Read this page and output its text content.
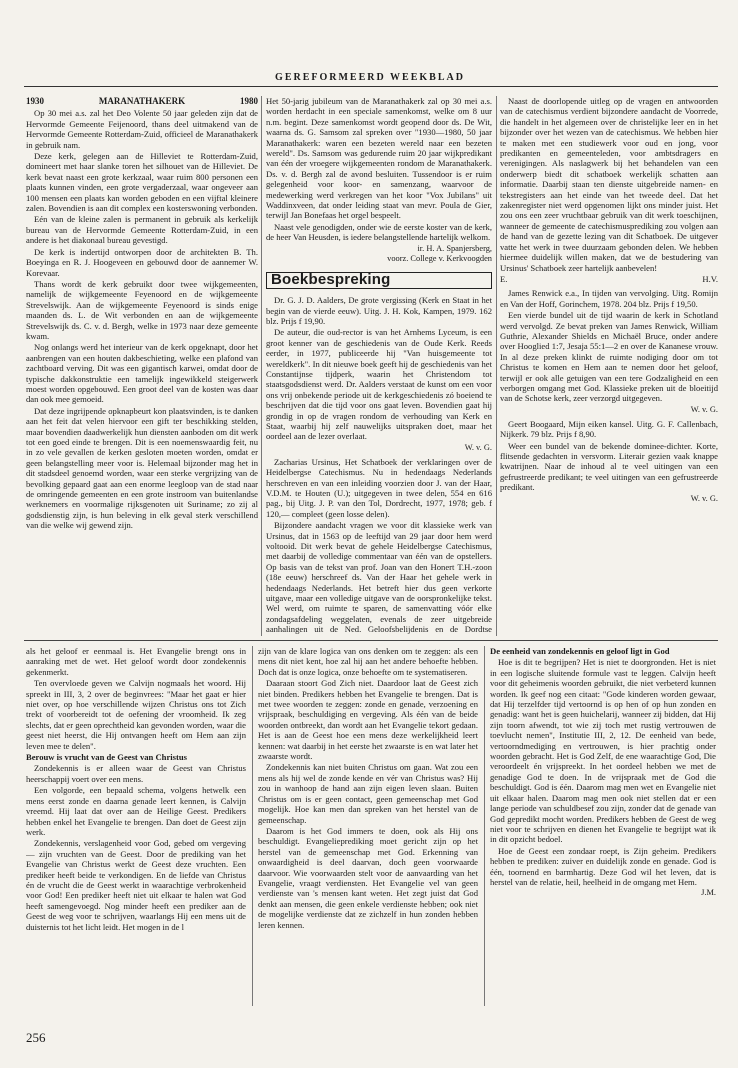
GEREFORMEERD WEEKBLAD
1930	MARANATHAKERK	1980

Op 30 mei a.s. zal het Deo Volente 50 jaar geleden zijn dat de Hervormde Gemeente Feijenoord, thans deel uitmakend van de Hervormde Gemeente Rotterdam-Zuid, officieel de Maranathakerk in gebruik nam.

Deze kerk, gelegen aan de Hilleviet te Rotterdam-Zuid, domineert met haar slanke toren het silhouet van de Hilleviet. De kerk bevat naast een grote kerkzaal, waar ruim 800 personen een plaats kunnen vinden, een grote vergaderzaal, waar ongeveer aan 100 mensen een plaats kan worden geboden en een vijftal kleinere zalen. Bovendien is aan dit complex een kosterswoning verbonden.

Eén van de kleine zalen is permanent in gebruik als kerkelijk bureau van de Hervormde Gemeente Rotterdam-Zuid, in een andere is het diakonaal bureau gevestigd.

De kerk is indertijd ontworpen door de architekten B. Th. Boeyinga en R. J. Hoogeveen en gebouwd door de aannemer W. Korevaar.

Thans wordt de kerk gebruikt door twee wijkgemeenten, namelijk de wijkgemeente Feyenoord en de wijkgemeente Strevelswijk. Aan de wijkgemeente Feyenoord is sinds enige maanden ds. L. de Wit verbonden en aan de wijkgemeente Strevelswijk ds. C. v. d. Bergh, welke in 1973 naar deze gemeente kwam.

Nog onlangs werd het interieur van de kerk opgeknapt, door het aanbrengen van een houten dakbeschieting, welke een plafond van zachtboard verving. Dit was een gigantisch karwei, omdat door de typische dakkonstruktie een tamelijk ingewikkeld steigerwerk moest worden opgebouwd. Een groot deel van de kosten was daar dan ook mee gemoeid.

Dat deze ingrijpende opknapbeurt kon plaatsvinden, is te danken aan het feit dat velen hiervoor een gift ter beschikking stelden, maar bovendien daadwerkelijk hun diensten aanboden om dit werk tot een goed einde te brengen. Dit is een noemenswaardig feit, nu in zo vele gevallen de kerken gesloten moeten worden, omdat er geen belangstelling meer voor is. Helemaal bijzonder mag het in dit stadsdeel genoemd worden, waar een sterke vergrijzing van de bevolking gepaard gaat aan een enorme leegloop van de stad naar de omringende gemeenten en een grote instroom van buitenlandse werknemers en voormalige rijksgenoten uit Suriname; zo zij al godsdienstig zijn, is hun beleving in elk geval sterk verschillend van die welke wij gewend zijn.

Het 50-jarig jubileum van de Maranathakerk zal op 30 mei a.s. worden herdacht in een speciale samenkomst, welke om 8 uur n.m. begint. Deze samenkomst wordt geopend door ds. De Wit, waarna ds. G. Samsom zal spreken over "1930—1980, 50 jaar Maranathakerk: waren een bezeten wereld naar een bezeten wereld". Ds. Samsom was gedurende ruim 20 jaar wijkpredikant van één der vroegere wijkgemeenten rondom de Maranathakerk. Ds. v. d. Bergh zal de avond besluiten. Tussendoor is er ruim gelegenheid voor koor- en samenzang, waarvoor de medewerking werd verkregen van het koor "Vox Jubilans" uit Waddinxveen, dat onder leiding staat van mevr. Poula de Gier, terwijl Jan Bonefaas het orgel bespeelt.

Naast vele genodigden, onder wie de eerste koster van de kerk, de heer Van Heusden, is iedere belangstellende hartelijk welkom.

ir. H. A. Spanjersberg,
voorz. College v. Kerkvoogden
Boekbespreking

Dr. G. J. D. Aalders, De grote vergissing (Kerk en Staat in het begin van de vierde eeuw). Uitg. J. H. Kok, Kampen, 1979. 162 blz. Prijs f 19,90.

De auteur, die oud-rector is van het Arnhems Lyceum, is een groot kenner van de geschiedenis van de Oude Kerk. Reeds eerder, in 1977, publiceerde hij "Van huisgemeente tot wereldkerk". In dit nieuwe boek geeft hij de geschiedenis van het Constantijnse tijdperk, waarin het Christendom tot staatsgodsdienst werd. Dr. Aalders verstaat de kunst om een voor ons vrij onbekende periode uit de kerkgeschiedenis zó boeiend te beschrijven dat die tijd voor ons gaat leven. Bovendien gaat hij grondig in op de vragen rondom de verhouding van Kerk en Staat, waarbij hij zelf nauwelijks uitspraken doet, maar het oordeel aan de lezer overlaat.

W. v. G.

Zacharias Ursinus, Het Schatboek der verklaringen over de Heidelbergse Catechismus. Nu in hedendaags Nederlands herschreven en van een inleiding voorzien door J. van der Haar, V.D.M. te Houten (U.); uitgegeven in twee delen, 554 en 616 pag., bij Uitg. J. P. van den Tol, Dordrecht, 1977, 1978; geb. f 120,— compleet (geen losse delen).

Bijzondere aandacht vragen we voor dit klassieke werk van Ursinus, dat in 1563 op de leeftijd van 29 jaar door hem werd voltooid. Dit werk bevat de gehele Heidelbergse Catechismus, met daarbij de volledige commentaar van één van de opstellers. Op basis van de tekst van prof. Joan van den Honert T.H.-zoon (18e eeuw) herschreef ds. Van der Haar het gehele werk in hedendaags Nederlands. Het betreft hier dus geen verkorte uitgave, maar een volledige uitgave van de oorspronkelijke tekst. Wel werd, om ruimte te sparen, de samenvatting vóór elke zondagsafdeling weggelaten, evenals de zeer uitgebreide aanhalingen uit de Ned. Geloofsbelijdenis en de Dordtse

Naast de doorlopende uitleg op de vragen en antwoorden van de catechismus verdient bijzondere aandacht de Voorrede, die handelt in het algemeen over de christelijke leer en in het bijzonder over het wezen van de catechismus. We hebben hier te maken met een studiewerk voor oud en jong, voor predikanten en gemeenteleden, voor ambtsdragers en verenigingen. Als naslagwerk bij het behandelen van een onderwerp biedt dit schatboek werkelijk schatten aan informatie. Daarbij staan ten dienste uitgebreide namen- en tekstregisters aan het einde van het tweede deel. Dat het zakenregister niet werd opgenomen lijkt ons minder juist. Het zou ons een zeer vruchtbaar gebruik van dit werk toeschijnen, wanneer de gemeente de catechismusprediking zou volgen aan de hand van de gezette lezing van dit Schatboek. De uitgever vatte het werk in twee duurzaam gebonden delen. We hebben hiermee duidelijk willen maken, dat we de bestudering van Ursinus' Schatboek zeer hartelijk aanbevelen!

E.	H.V.

James Renwick e.a., In tijden van vervolging. Uitg. Romijn en Van der Hoff, Gorinchem, 1978. 204 blz. Prijs f 19,50.

Een vierde bundel uit de tijd waarin de kerk in Schotland werd vervolgd. Ze bevat preken van James Renwick, William Guthrie, Alexander Shields en Michaël Bruce, onder andere over Hooglied 1:7, Jesaja 55:1—2 en over de Kananese vrouw. In al deze preken klinkt de ruimte nodiging door om tot Christus te komen en Hem aan te nemen door het geloof, terwijl er ook alle getuigen van een tere Godzaligheid en een verborgen omgang met God. Klassieke preken uit de bloeitijd van de Schotse kerk, zeer verzorgd uitgegeven.

W. v. G.

Geert Boogaard, Mijn eiken kansel. Uitg. G. F. Callenbach, Nijkerk. 79 blz. Prijs f 8,90.

Weer een bundel van de bekende dominee-dichter. Korte, flitsende gedachten in versvorm. Literair gezien vaak knappe kwatrijnen. Naar de inhoud al te veel uitingen van een gefrustreerde predikant; te veel uitingen van een gefrustreerde predikant.

W. v. G.

als het geloof er eenmaal is. Het Evangelie brengt ons in aanraking met de wet. Het geloof wordt door zondekennis gekenmerkt.

Ten overvloede geven we Calvijn nogmaals het woord. Hij spreekt in III, 3, 2 over de beginvrees: "Maar het gaat er hier niet over, op hoe verschillende wijzen Christus ons tot Zich trekt of voorbereidt tot de oefening der vroomheid. Ik zeg slechts, dat er geen oprechtheid kan gevonden worden, waar die geest niet heerst, die Hij ontvangen heeft om Hem aan zijn leven mee te delen".

Berouw is vrucht van de Geest van Christus

Zondekennis is er alleen waar de Geest van Christus heerschappij voert over een mens.

Een volgorde, een bepaald schema, volgens hetwelk een mens eerst zonde en daarna genade leert kennen, is Calvijn vreemd. Hij laat dat over aan de Heilige Geest. Predikers hebben enkel het Evangelie te brengen. Dan doet de Geest zijn werk.

Zondekennis, verslagenheid voor God, gebed om vergeving — zijn vruchten van de Geest. Door de prediking van het Evangelie van Christus werkt de Geest deze vruchten. Een prediker heeft beide te verkondigen. En de liefde van Christus én de vrucht die de Geest werkt in waarachtige verbrokenheid voor God! Een prediker heeft niet uit elkaar te halen wat God heeft samengevoegd. Nog minder heeft een prediker aan de Geest de weg voor te schrijven, waarlangs Hij een mens uit de duisternis tot het licht leidt. Het mogen in de l

zijn van de klare logica van ons denken om te zeggen: als een mens dit niet kent, hoe zal hij aan het andere behoefte hebben. Doch dat is onze logica, onze behoefte om te systematiseren.

Daaraan stoort God Zich niet. Daardoor laat de Geest zich niet binden. Predikers hebben het Evangelie te brengen. Dat is met twee woorden te zeggen: zonde en genade, verzoening en vrijspraak, beschuldiging en vergeving. Als één van de beide woorden ontbreekt, dan wordt aan het Evangelie tekort gedaan. Het is aan de Geest hoe een mens deze werkelijkheid leert kennen: wat daarbij in het eerste het zwaarste is en wat later het zwaarste wordt.

Zondekennis kan niet buiten Christus om gaan. Wat zou een mens als hij wel de zonde kende en vér van Christus was? Hij zou in wanhoop de hand aan zijn eigen leven slaan. Buiten Christus om is er geen contact, geen gemeenschap met God mogelijk. Hoe kan men dan spreken van het herstel van de gemeenschap.

Daarom is het God immers te doen, ook als Hij ons beschuldigt. Evangelieprediking moet gericht zijn op het herstel van de gemeenschap met God. Erkenning van onwaardigheid is deel daarvan, doch geen voorwaarde daarvoor. Wie voorwaarden stelt voor de aanvaarding van het Evangelie, vraagt verdiensten. Het Evangelie vel van geen verdienste van 's mensen kant weten. Het zegt juist dat God denkt aan mensen, die geen enkele verdienste hebben; ook niet de mogelijke verdienste dat ze zichzelf in hun zonden hebben leren kennen.

De eenheid van zondekennis en geloof ligt in God

Hoe is dit te begrijpen? Het is niet te doorgronden. Het is niet in een logische sluitende formule vast te leggen. Calvijn heeft voor dit geheimenis woorden gebruikt, die niet verbeterd kunnen worden. Ik geef nog een citaat: "Gode kinderen worden gewaar, dat Hij terzelfder tijd vertoornd is op hen of op hun zonden en genadig: want het is geen huichelarij, wanneer zij bidden, dat Hij zijn toorn afwendt, tot wie zij toch met rustig vertrouwen de toevlucht nemen", Institutie III, 2, 12. De eenheid van bede, vertoorndmediging en vertrouwen, is hier prachtig onder woorden gebracht. Het is God Zelf, de ene waarachtige God, Die veroordeelt én vrijspreekt. In het oordeel hebben we met de genadige God te doen. In de vrijspraak met de God die beschuldigt. God is één. Daarom mag men wet en Evangelie niet uit elkaar halen. Daarom mag men ook niet stellen dat er een lange periode van schuldbesef zou zijn, zonder dat de genade van God gepredikt mocht worden. Predikers hebben de Geest de weg niet voor te schrijven en dienen het Evangelie te begrijpt wat ik in dit opzicht bedoel.

Hoe de Geest een zondaar roept, is Zijn geheim. Predikers hebben te prediken: zuiver en duidelijk zonde en genade. God is één, toornend en barmhartig. Deze God wil het leven, dat is herstel van de relatie, heil, heelheid in de omgang met Hem.

J.M.
256
